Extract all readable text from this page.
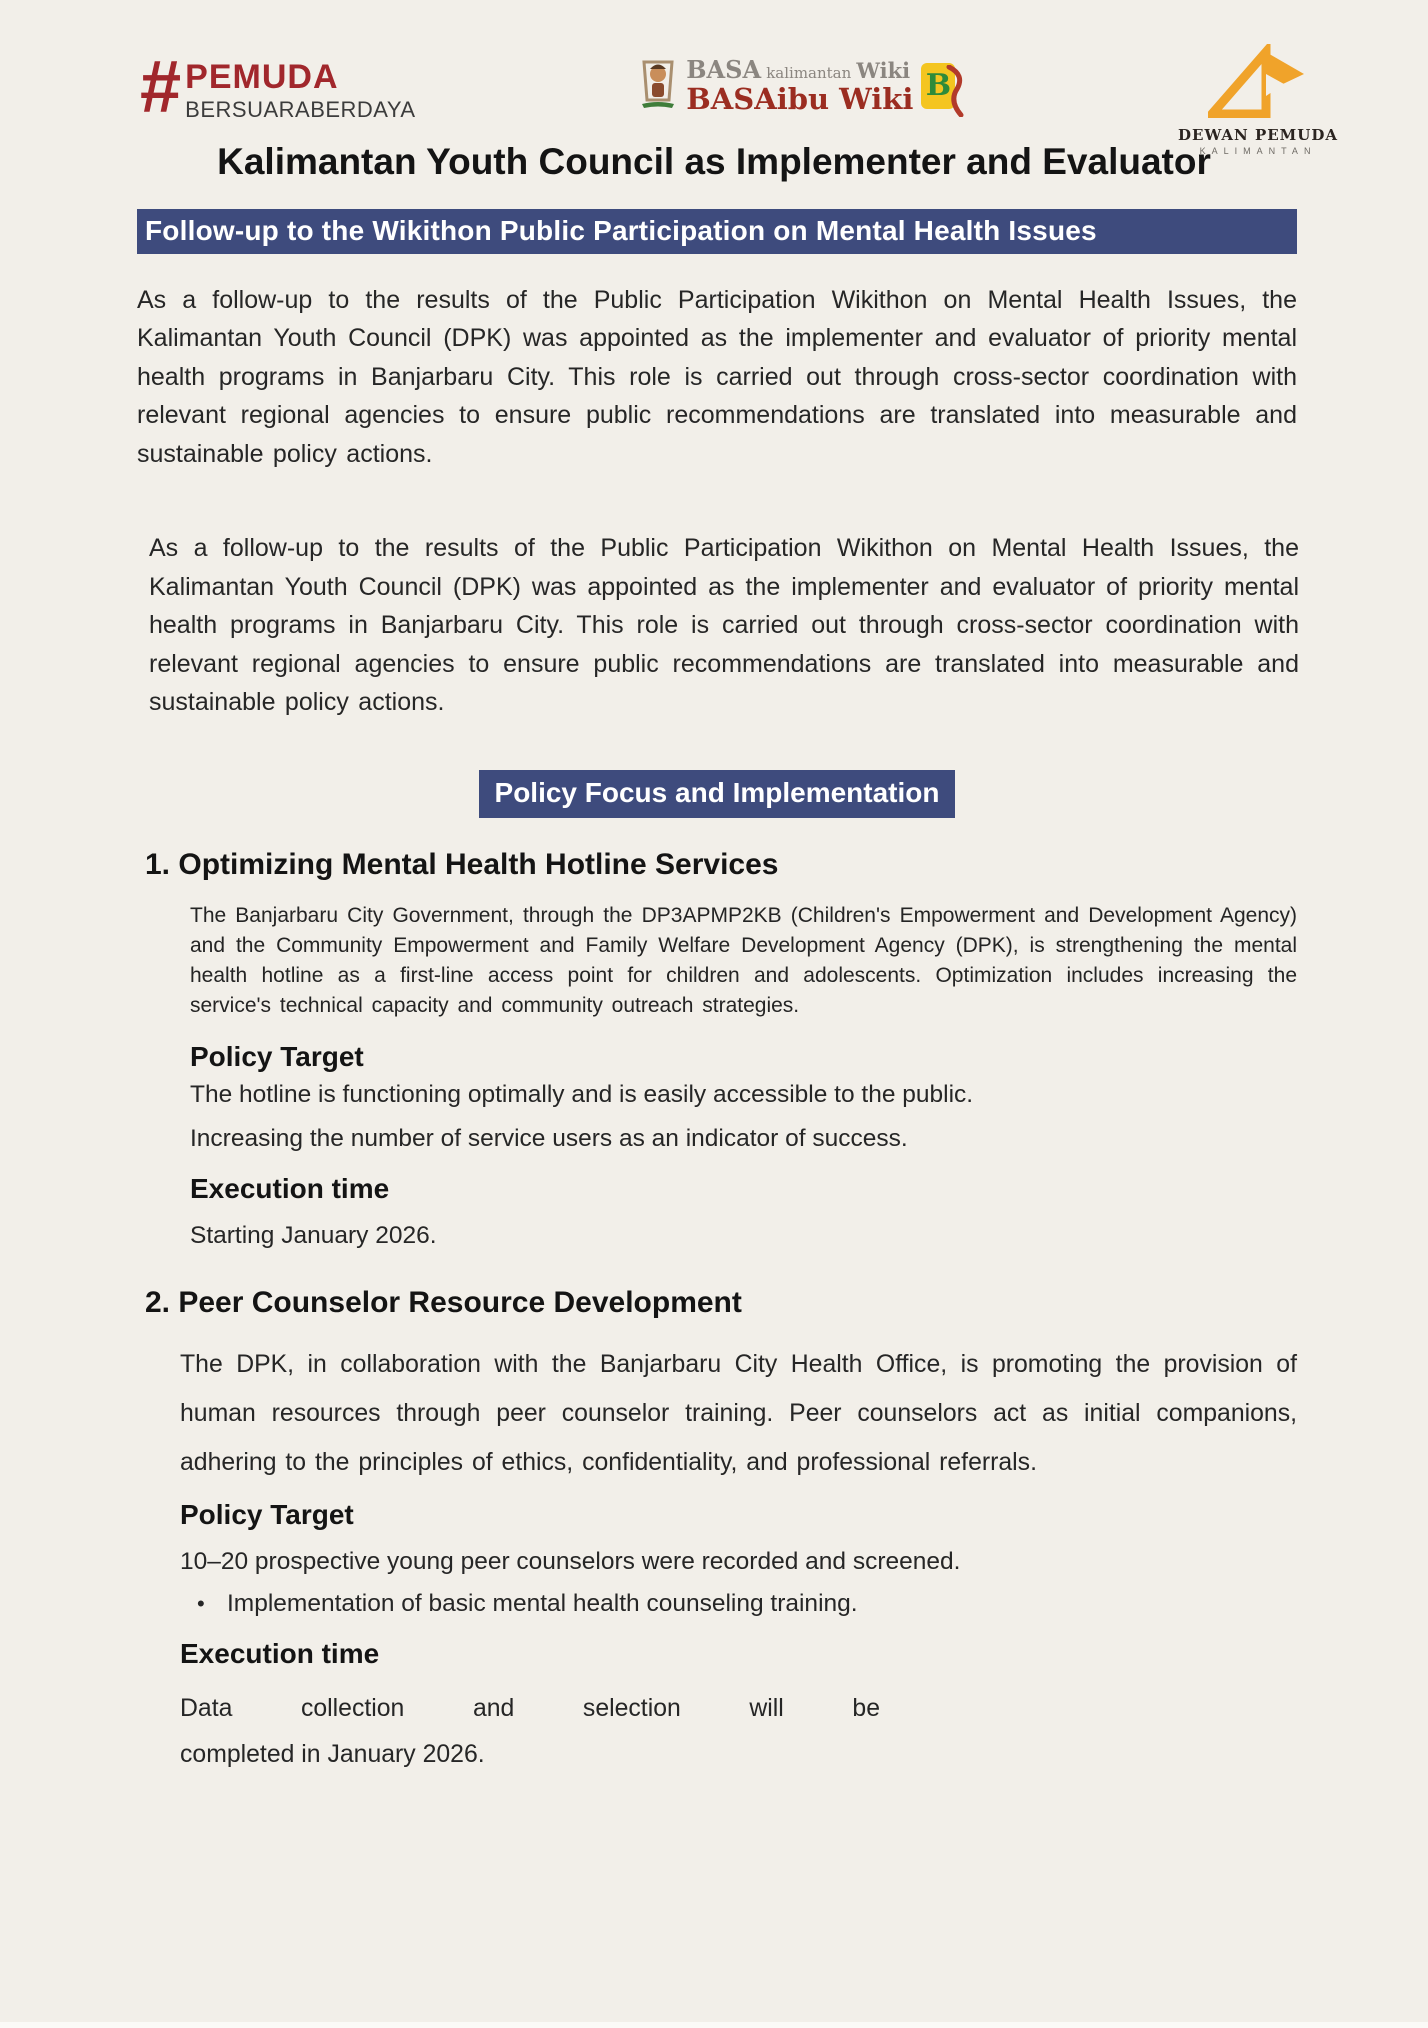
# PEMUDA
BERSUARABERDAYA
BASA kalimantan Wiki
BASAibu Wiki B
DEWAN PEMUDA
KALIMANTAN
Kalimantan Youth Council as Implementer and Evaluator
Follow-up to the Wikithon Public Participation on Mental Health Issues
As a follow-up to the results of the Public Participation Wikithon on Mental Health Issues, the Kalimantan Youth Council (DPK) was appointed as the implementer and evaluator of priority mental health programs in Banjarbaru City. This role is carried out through cross-sector coordination with relevant regional agencies to ensure public recommendations are translated into measurable and sustainable policy actions.
As a follow-up to the results of the Public Participation Wikithon on Mental Health Issues, the Kalimantan Youth Council (DPK) was appointed as the implementer and evaluator of priority mental health programs in Banjarbaru City. This role is carried out through cross-sector coordination with relevant regional agencies to ensure public recommendations are translated into measurable and sustainable policy actions.
Policy Focus and Implementation
1. Optimizing Mental Health Hotline Services
The Banjarbaru City Government, through the DP3APMP2KB (Children's Empowerment and Development Agency) and the Community Empowerment and Family Welfare Development Agency (DPK), is strengthening the mental health hotline as a first-line access point for children and adolescents. Optimization includes increasing the service's technical capacity and community outreach strategies.
Policy Target
The hotline is functioning optimally and is easily accessible to the public.
Increasing the number of service users as an indicator of success.
Execution time
Starting January 2026.
2. Peer Counselor Resource Development
The DPK, in collaboration with the Banjarbaru City Health Office, is promoting the provision of human resources through peer counselor training. Peer counselors act as initial companions, adhering to the principles of ethics, confidentiality, and professional referrals.
Policy Target
10–20 prospective young peer counselors were recorded and screened.
• Implementation of basic mental health counseling training.
Execution time
Data collection and selection will be
completed in January 2026.
